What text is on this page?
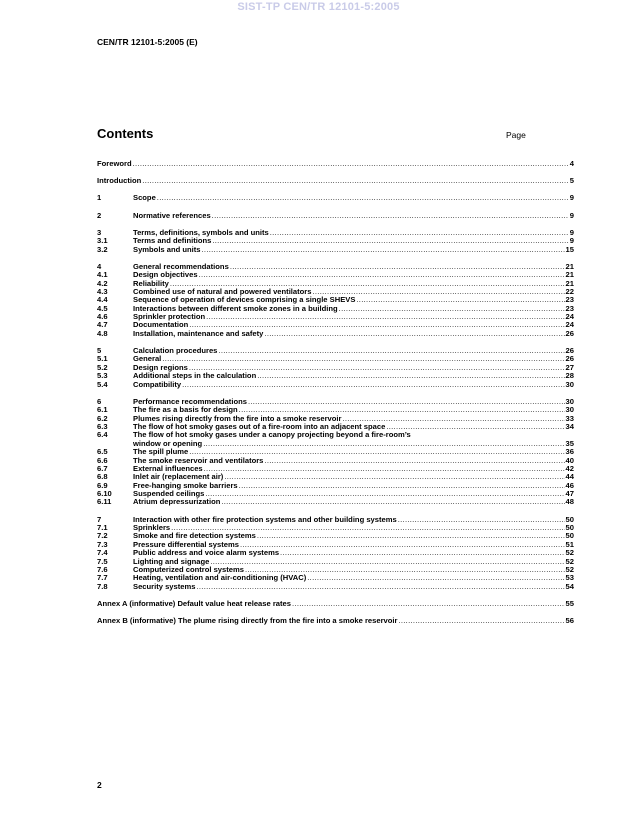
SIST-TP CEN/TR 12101-5:2005
CEN/TR 12101-5:2005 (E)
Contents	Page
Foreword .....	4
Introduction .....	5
1	Scope .....	9
2	Normative references .....	9
3	Terms, definitions, symbols and units .....	9
3.1	Terms and definitions .....	9
3.2	Symbols and units .....	15
4	General recommendations .....	21
4.1	Design objectives .....	21
4.2	Reliability .....	21
4.3	Combined use of natural and powered ventilators .....	22
4.4	Sequence of operation of devices comprising a single SHEVS .....	23
4.5	Interactions between different smoke zones in a building .....	23
4.6	Sprinkler protection .....	24
4.7	Documentation .....	24
4.8	Installation, maintenance and safety .....	26
5	Calculation procedures .....	26
5.1	General .....	26
5.2	Design regions .....	27
5.3	Additional steps in the calculation .....	28
5.4	Compatibility .....	30
6	Performance recommendations .....	30
6.1	The fire as a basis for design .....	30
6.2	Plumes rising directly from the fire into a smoke reservoir .....	33
6.3	The flow of hot smoky gases out of a fire-room into an adjacent space .....	34
6.4	The flow of hot smoky gases under a canopy projecting beyond a fire-room’s
window or opening .....	35
6.5	The spill plume .....	36
6.6	The smoke reservoir and ventilators .....	40
6.7	External influences .....	42
6.8	Inlet air (replacement air) .....	44
6.9	Free-hanging smoke barriers .....	46
6.10	Suspended ceilings .....	47
6.11	Atrium depressurization .....	48
7	Interaction with other fire protection systems and other building systems .....	50
7.1	Sprinklers .....	50
7.2	Smoke and fire detection systems .....	50
7.3	Pressure differential systems .....	51
7.4	Public address and voice alarm systems .....	52
7.5	Lighting and signage .....	52
7.6	Computerized control systems .....	52
7.7	Heating, ventilation and air-conditioning (HVAC) .....	53
7.8	Security systems .....	54
Annex A (informative) Default value heat release rates .....	55
Annex B (informative) The plume rising directly from the fire into a smoke reservoir .....	56
2
